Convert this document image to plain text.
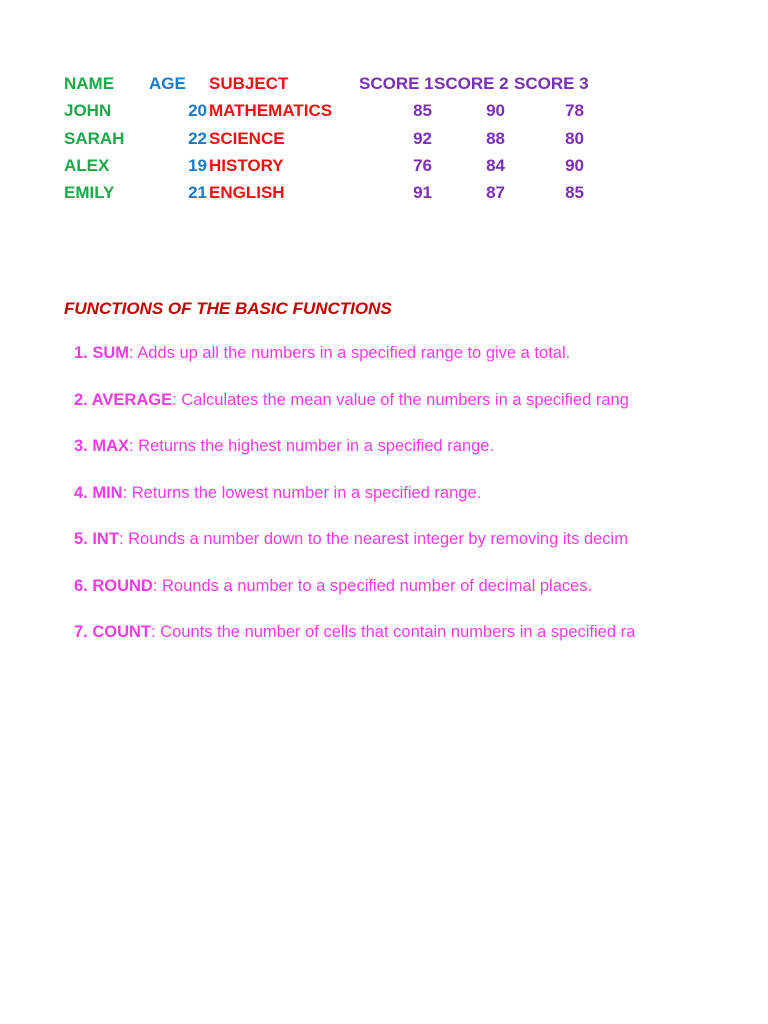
NAME	AGE	SUBJECT	SCORE 1	SCORE 2	SCORE 3
JOHN	20	MATHEMATICS	85	90	78
SARAH	22	SCIENCE	92	88	80
ALEX	19	HISTORY	76	84	90
EMILY	21	ENGLISH	91	87	85
FUNCTIONS OF THE BASIC FUNCTIONS
1. SUM: Adds up all the numbers in a specified range to give a total.
2. AVERAGE: Calculates the mean value of the numbers in a specified rang
3. MAX: Returns the highest number in a specified range.
4. MIN: Returns the lowest number in a specified range.
5. INT: Rounds a number down to the nearest integer by removing its decim
6. ROUND: Rounds a number to a specified number of decimal places.
7. COUNT: Counts the number of cells that contain numbers in a specified ra
